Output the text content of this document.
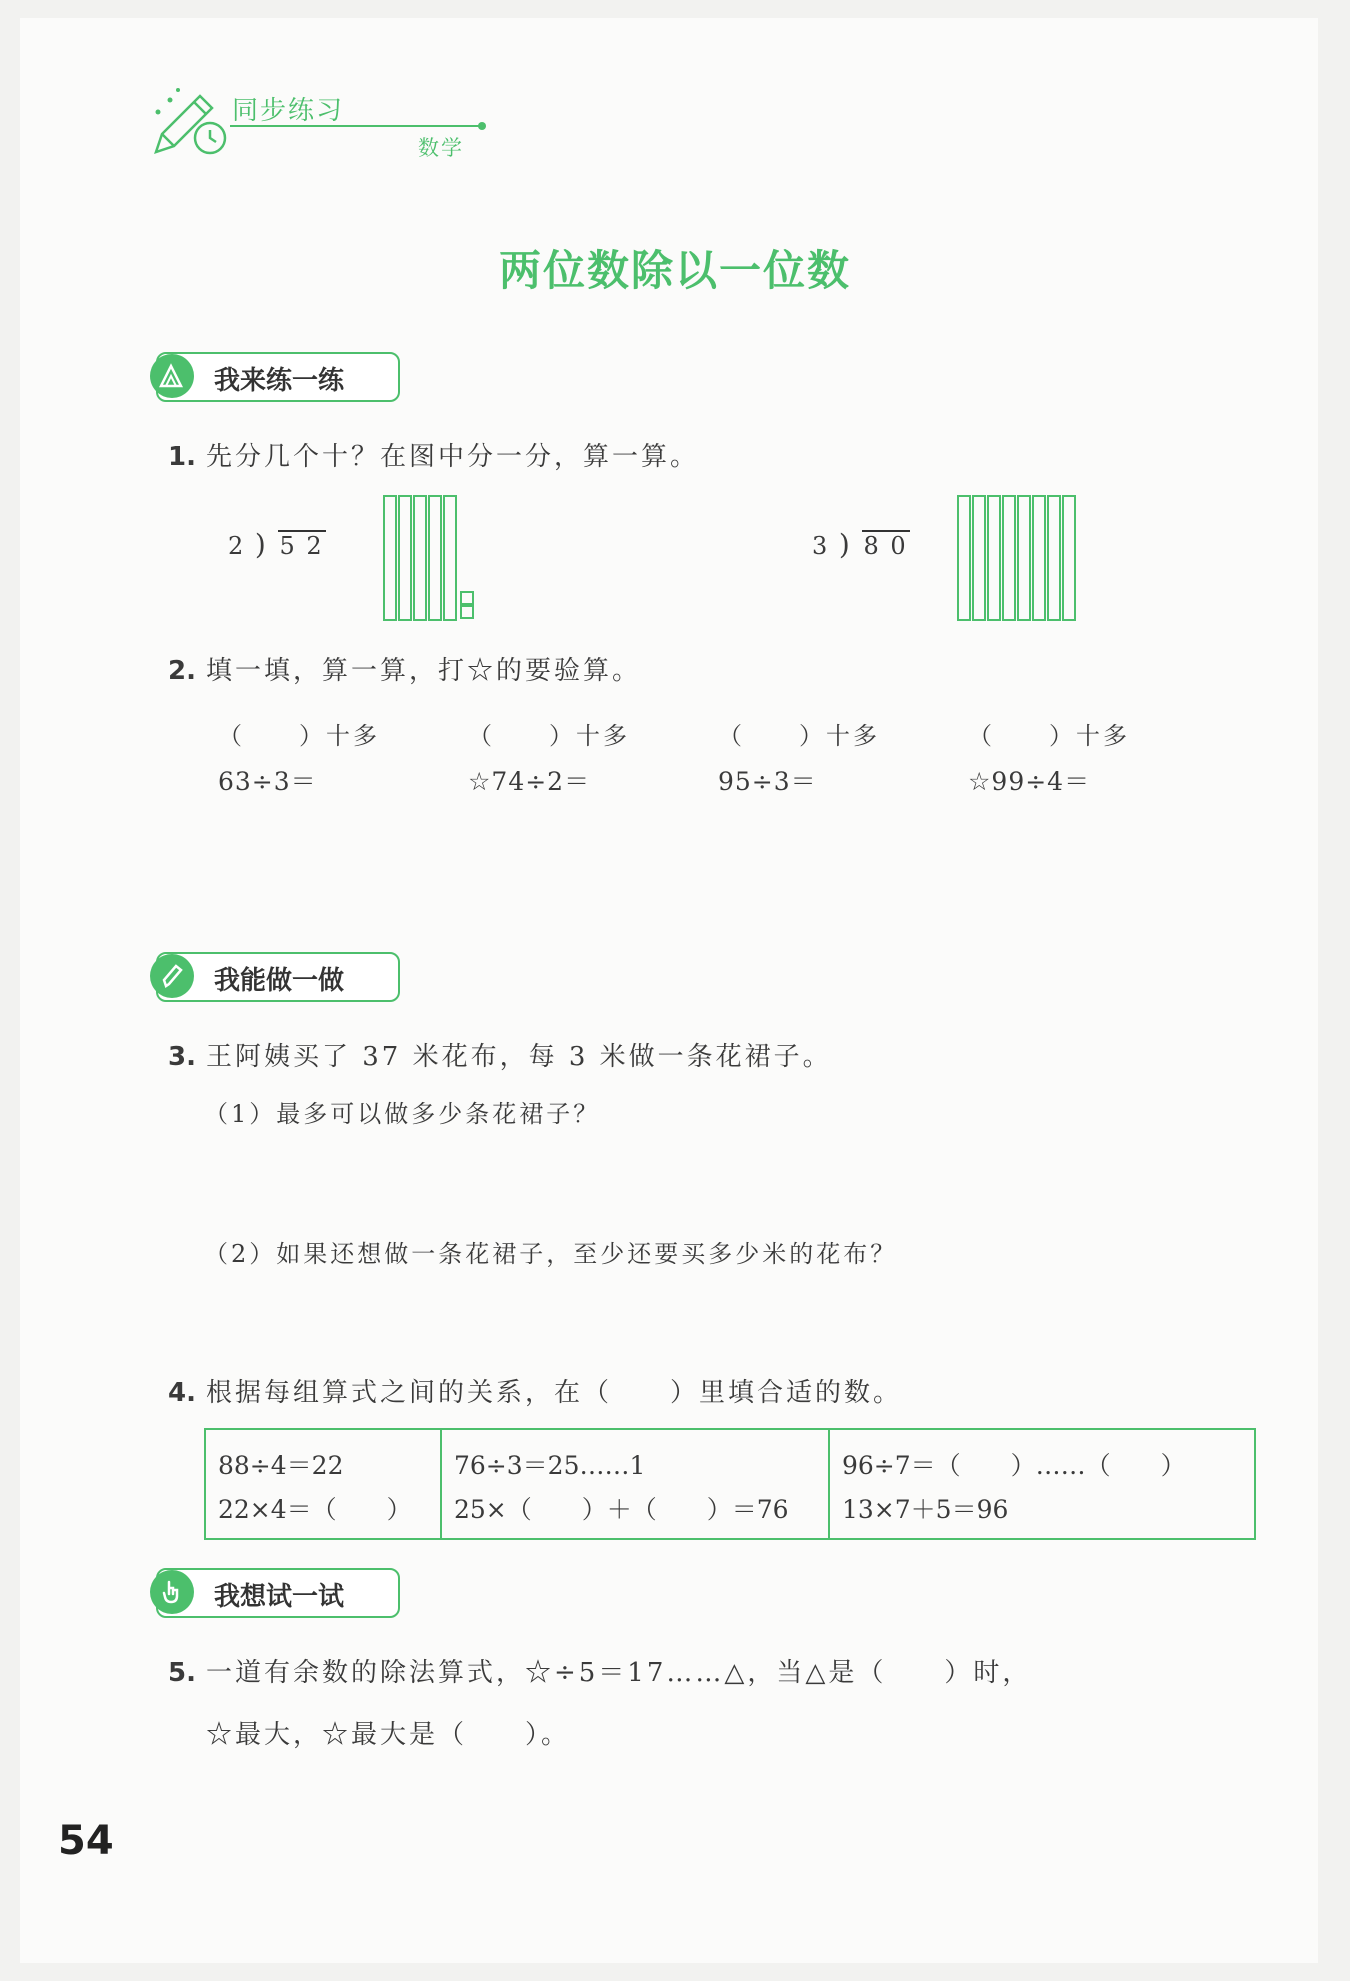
同步练习
数学
两位数除以一位数
我来练一练
1. 先分几个十？在图中分一分，算一算。
2 ) 5 2	3 ) 8 0
2. 填一填，算一算，打☆的要验算。
（　　）十多
63÷3＝
（　　）十多
☆74÷2＝
（　　）十多
95÷3＝
（　　）十多
☆99÷4＝
我能做一做
3. 王阿姨买了 37 米花布，每 3 米做一条花裙子。
（1）最多可以做多少条花裙子？
（2）如果还想做一条花裙子，至少还要买多少米的花布？
4. 根据每组算式之间的关系，在（　　）里填合适的数。
88÷4＝22
22×4＝（　　）
76÷3＝25……1
25×（　　）＋（　　）＝76
96÷7＝（　　）……（　　）
13×7＋5＝96
我想试一试
5. 一道有余数的除法算式，☆÷5＝17……△，当△是（　　）时，
☆最大，☆最大是（　　）。
54
